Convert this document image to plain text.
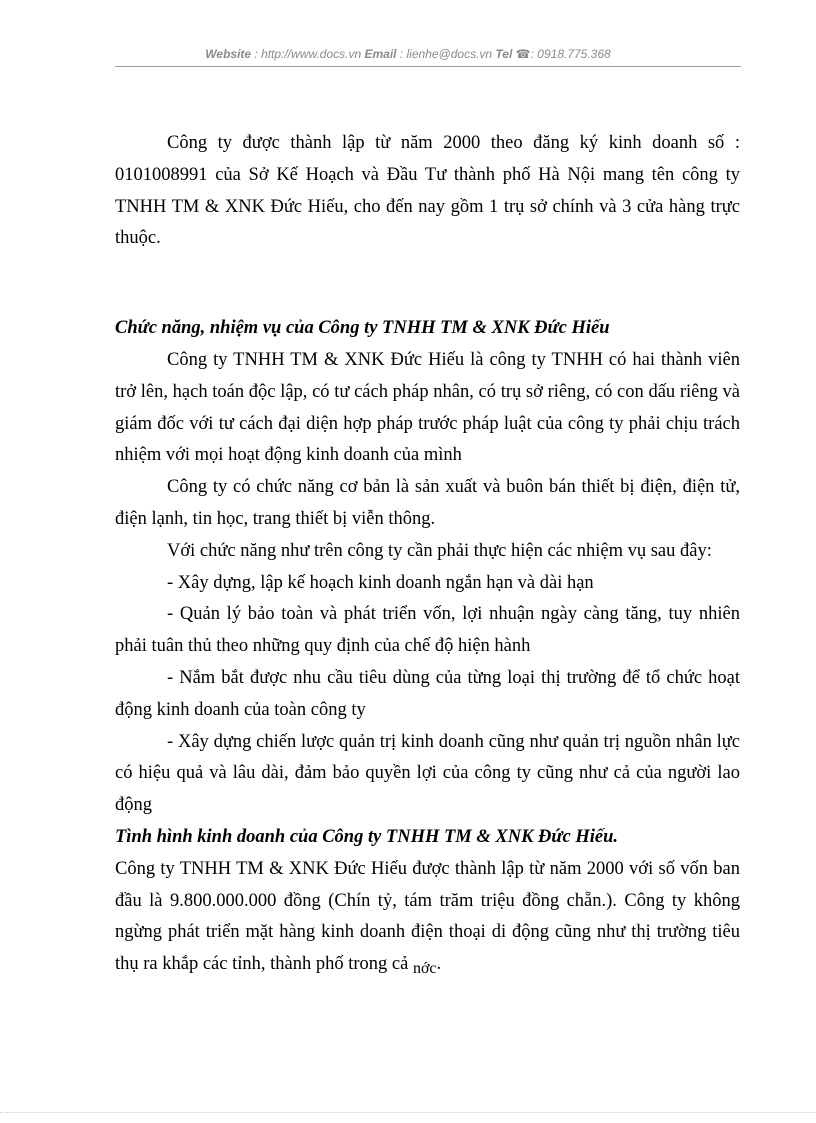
Website : http://www.docs.vn Email : lienhe@docs.vn Tel ☎: 0918.775.368

Công ty được thành lập từ năm 2000 theo đăng ký kinh doanh số : 0101008991 của Sở Kế Hoạch và Đầu Tư thành phố Hà Nội mang tên công ty TNHH TM & XNK Đức Hiếu, cho đến nay gồm 1 trụ sở chính và 3 cửa hàng trực thuộc.

Chức năng, nhiệm vụ của Công ty TNHH TM & XNK Đức Hiếu

Công ty TNHH TM & XNK Đức Hiếu là công ty TNHH có hai thành viên trở lên, hạch toán độc lập, có tư cách pháp nhân, có trụ sở riêng, có con dấu riêng và giám đốc với tư cách đại diện hợp pháp trước pháp luật của công ty phải chịu trách nhiệm với mọi hoạt động kinh doanh của mình

Công ty có chức năng cơ bản là sản xuất và buôn bán thiết bị điện, điện tử, điện lạnh, tin học, trang thiết bị viễn thông.

Với chức năng như trên công ty cần phải thực hiện các nhiệm vụ sau đây:

- Xây dựng, lập kế hoạch kinh doanh ngắn hạn và dài hạn

- Quản lý bảo toàn và phát triển vốn, lợi nhuận ngày càng tăng, tuy nhiên phải tuân thủ theo những quy định của chế độ hiện hành

- Nắm bắt được nhu cầu tiêu dùng của từng loại thị trường để tổ chức hoạt động kinh doanh của toàn công ty

- Xây dựng chiến lược quản trị kinh doanh cũng như quản trị nguồn nhân lực có hiệu quả và lâu dài, đảm bảo quyền lợi của công ty cũng như cả của người lao động

Tình hình kinh doanh của Công ty TNHH TM & XNK Đức Hiếu.

Công ty TNHH TM & XNK Đức Hiếu được thành lập từ năm 2000 với số vốn ban đầu là 9.800.000.000 đồng (Chín tỷ, tám trăm triệu đồng chẵn.). Công ty không ngừng phát triển mặt hàng kinh doanh điện thoại di động cũng như thị trường tiêu thụ ra khắp các tỉnh, thành phố trong cả nớc.
